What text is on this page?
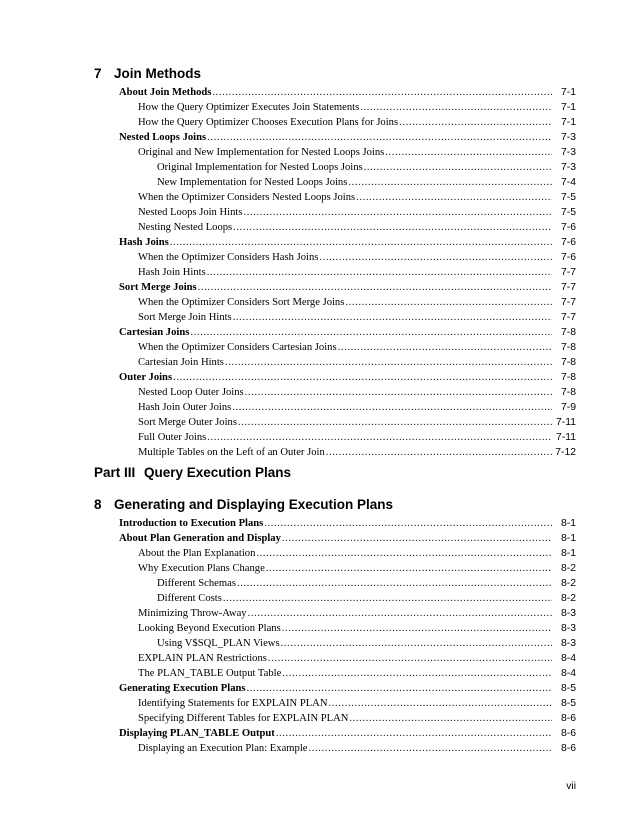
7 Join Methods
About Join Methods .....	7-1
How the Query Optimizer Executes Join Statements .....	7-1
How the Query Optimizer Chooses Execution Plans for Joins .....	7-1
Nested Loops Joins .....	7-3
Original and New Implementation for Nested Loops Joins .....	7-3
Original Implementation for Nested Loops Joins .....	7-3
New Implementation for Nested Loops Joins .....	7-4
When the Optimizer Considers Nested Loops Joins .....	7-5
Nested Loops Join Hints .....	7-5
Nesting Nested Loops .....	7-6
Hash Joins .....	7-6
When the Optimizer Considers Hash Joins .....	7-6
Hash Join Hints .....	7-7
Sort Merge Joins .....	7-7
When the Optimizer Considers Sort Merge Joins .....	7-7
Sort Merge Join Hints .....	7-7
Cartesian Joins .....	7-8
When the Optimizer Considers Cartesian Joins .....	7-8
Cartesian Join Hints .....	7-8
Outer Joins .....	7-8
Nested Loop Outer Joins .....	7-8
Hash Join Outer Joins .....	7-9
Sort Merge Outer Joins .....	7-11
Full Outer Joins .....	7-11
Multiple Tables on the Left of an Outer Join .....	7-12
Part III Query Execution Plans
8 Generating and Displaying Execution Plans
Introduction to Execution Plans .....	8-1
About Plan Generation and Display .....	8-1
About the Plan Explanation .....	8-1
Why Execution Plans Change .....	8-2
Different Schemas .....	8-2
Different Costs .....	8-2
Minimizing Throw-Away .....	8-3
Looking Beyond Execution Plans .....	8-3
Using V$SQL_PLAN Views .....	8-3
EXPLAIN PLAN Restrictions .....	8-4
The PLAN_TABLE Output Table .....	8-4
Generating Execution Plans .....	8-5
Identifying Statements for EXPLAIN PLAN .....	8-5
Specifying Different Tables for EXPLAIN PLAN .....	8-6
Displaying PLAN_TABLE Output .....	8-6
Displaying an Execution Plan: Example .....	8-6
vii
